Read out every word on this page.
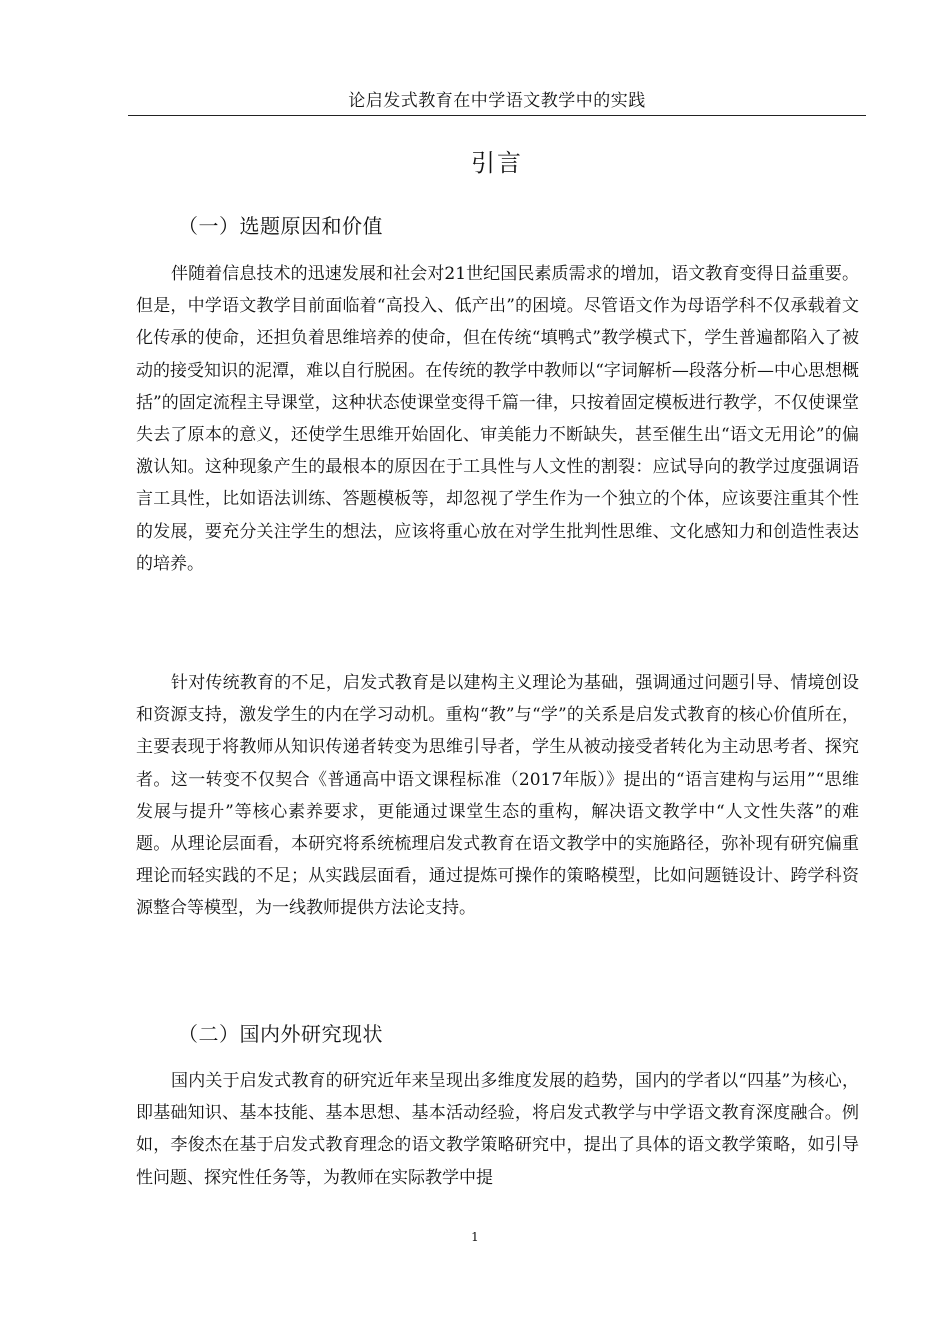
论启发式教育在中学语文教学中的实践
引言
（一）选题原因和价值

伴随着信息技术的迅速发展和社会对21世纪国民素质需求的增加，语文教育变得日益重要。但是，中学语文教学目前面临着“高投入、低产出”的困境。尽管语文作为母语学科不仅承载着文化传承的使命，还担负着思维培养的使命，但在传统“填鸭式”教学模式下，学生普遍都陷入了被动的接受知识的泥潭，难以自行脱困。在传统的教学中教师以“字词解析—段落分析—中心思想概括”的固定流程主导课堂，这种状态使课堂变得千篇一律，只按着固定模板进行教学，不仅使课堂失去了原本的意义，还使学生思维开始固化、审美能力不断缺失，甚至催生出“语文无用论”的偏激认知。这种现象产生的最根本的原因在于工具性与人文性的割裂：应试导向的教学过度强调语言工具性，比如语法训练、答题模板等，却忽视了学生作为一个独立的个体，应该要注重其个性的发展，要充分关注学生的想法，应该将重心放在对学生批判性思维、文化感知力和创造性表达的培养。

针对传统教育的不足，启发式教育是以建构主义理论为基础，强调通过问题引导、情境创设和资源支持，激发学生的内在学习动机。重构“教”与“学”的关系是启发式教育的核心价值所在，主要表现于将教师从知识传递者转变为思维引导者，学生从被动接受者转化为主动思考者、探究者。这一转变不仅契合《普通高中语文课程标准（2017年版）》提出的“语言建构与运用”“思维发展与提升”等核心素养要求，更能通过课堂生态的重构，解决语文教学中“人文性失落”的难题。从理论层面看，本研究将系统梳理启发式教育在语文教学中的实施路径，弥补现有研究偏重理论而轻实践的不足；从实践层面看，通过提炼可操作的策略模型，比如问题链设计、跨学科资源整合等模型，为一线教师提供方法论支持。

（二）国内外研究现状

国内关于启发式教育的研究近年来呈现出多维度发展的趋势，国内的学者以“四基”为核心，即基础知识、基本技能、基本思想、基本活动经验，将启发式教学与中学语文教育深度融合。例如，李俊杰在基于启发式教育理念的语文教学策略研究中，提出了具体的语文教学策略，如引导性问题、探究性任务等，为教师在实际教学中提

1
